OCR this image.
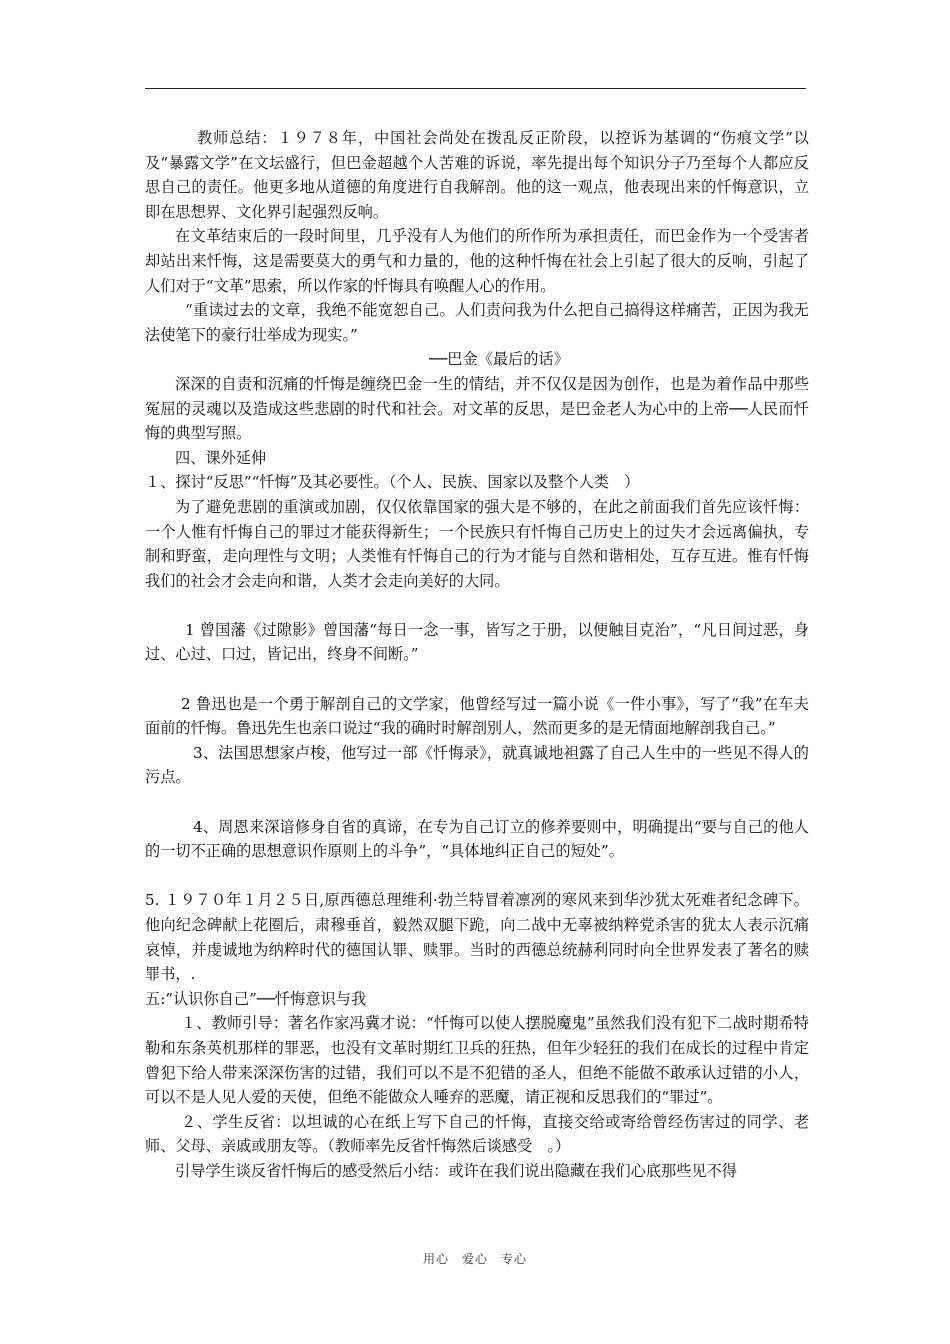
教师总结：１９７８年，中国社会尚处在拨乱反正阶段，以控诉为基调的“伤痕文学”以及“暴露文学”在文坛盛行，但巴金超越个人苦难的诉说，率先提出每个知识分子乃至每个人都应反思自己的责任。他更多地从道德的角度进行自我解剖。他的这一观点，他表现出来的忏悔意识，立即在思想界、文化界引起强烈反响。

在文革结束后的一段时间里，几乎没有人为他们的所作所为承担责任，而巴金作为一个受害者却站出来忏悔，这是需要莫大的勇气和力量的，他的这种忏悔在社会上引起了很大的反响，引起了人们对于“文革”思索，所以作家的忏悔具有唤醒人心的作用。

“重读过去的文章，我绝不能宽恕自己。人们责问我为什么把自己搞得这样痛苦，正因为我无法使笔下的豪行壮举成为现实。”

──巴金《最后的话》

深深的自责和沉痛的忏悔是缠绕巴金一生的情结，并不仅仅是因为创作，也是为着作品中那些冤屈的灵魂以及造成这些悲剧的时代和社会。对文革的反思，是巴金老人为心中的上帝──人民而忏悔的典型写照。

四、课外延伸

１、探讨“反思”“忏悔”及其必要性。（个人、民族、国家以及整个人类　）

为了避免悲剧的重演或加剧，仅仅依靠国家的强大是不够的，在此之前面我们首先应该忏悔：一个人惟有忏悔自己的罪过才能获得新生；一个民族只有忏悔自己历史上的过失才会远离偏执，专制和野蛮，走向理性与文明；人类惟有忏悔自己的行为才能与自然和谐相处，互存互进。惟有忏悔我们的社会才会走向和谐，人类才会走向美好的大同。

1 曾国藩《过隙影》曾国藩“每日一念一事，皆写之于册，以便触目克治”，“凡日间过恶，身过、心过、口过，皆记出，终身不间断。”

2 鲁迅也是一个勇于解剖自己的文学家，他曾经写过一篇小说《一件小事》，写了“我”在车夫面前的忏悔。鲁迅先生也亲口说过“我的确时时解剖别人，然而更多的是无情面地解剖我自己。”

3、法国思想家卢梭，他写过一部《忏悔录》，就真诚地袒露了自己人生中的一些见不得人的污点。

4、周恩来深谙修身自省的真谛，在专为自己订立的修养要则中，明确提出“要与自己的他人的一切不正确的思想意识作原则上的斗争”，“具体地纠正自己的短处”。

5. １９７０年１月２５日,原西德总理维利·勃兰特冒着凛冽的寒风来到华沙犹太死难者纪念碑下。他向纪念碑献上花圈后，肃穆垂首，毅然双腿下跪，向二战中无辜被纳粹党杀害的犹太人表示沉痛哀悼，并虔诚地为纳粹时代的德国认罪、赎罪。当时的西德总统赫利同时向全世界发表了著名的赎罪书，.

五:“认识你自己”──忏悔意识与我

１、教师引导：著名作家冯冀才说：“忏悔可以使人摆脱魔鬼”虽然我们没有犯下二战时期希特勒和东条英机那样的罪恶，也没有文革时期红卫兵的狂热，但年少轻狂的我们在成长的过程中肯定曾犯下给人带来深深伤害的过错，我们可以不是不犯错的圣人，但绝不能做不敢承认过错的小人，可以不是人见人爱的天使，但绝不能做众人唾弃的恶魔，请正视和反思我们的“罪过”。

２、学生反省：以坦诚的心在纸上写下自己的忏悔，直接交给或寄给曾经伤害过的同学、老师、父母、亲戚或朋友等。（教师率先反省忏悔然后谈感受　。）

引导学生谈反省忏悔后的感受然后小结：或许在我们说出隐藏在我们心底那些见不得

用心　爱心　专心
